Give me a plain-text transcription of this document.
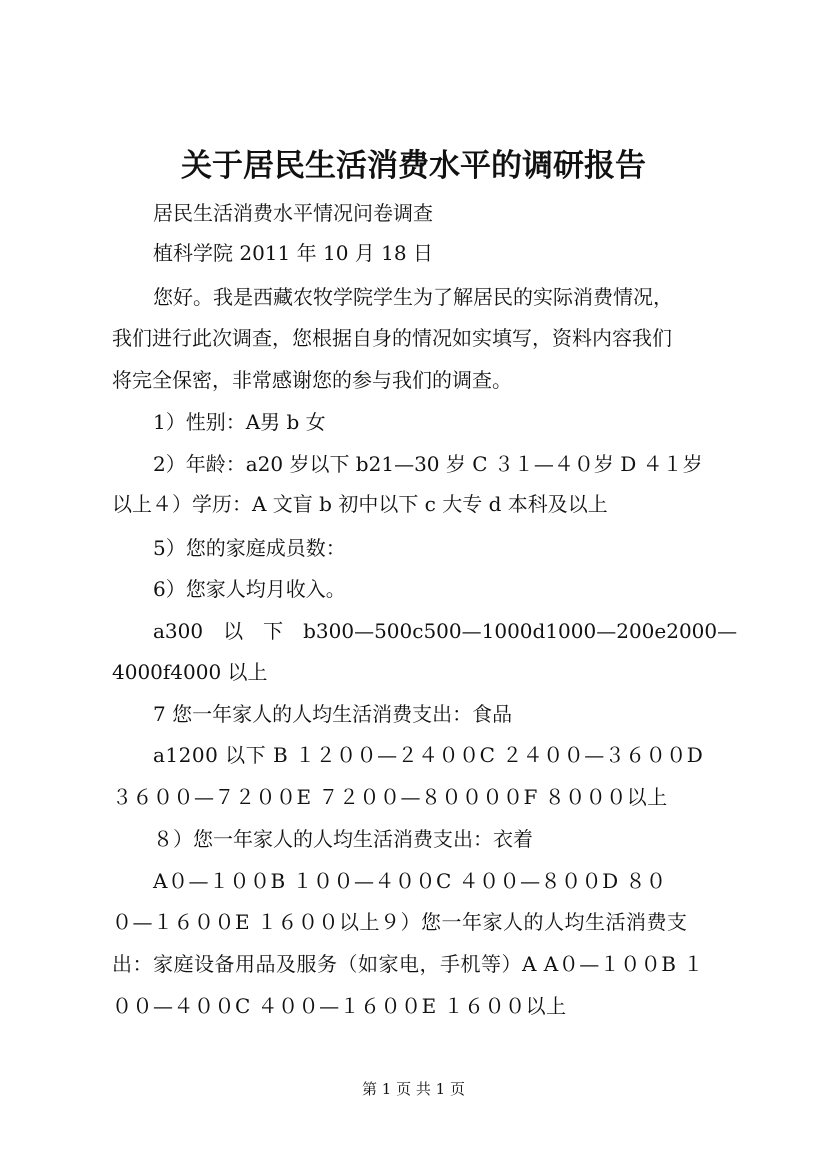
关于居民生活消费水平的调研报告
居民生活消费水平情况问卷调查
植科学院 2011 年 10 月 18 日
您好。我是西藏农牧学院学生为了解居民的实际消费情况，
我们进行此次调查，您根据自身的情况如实填写，资料内容我们
将完全保密，非常感谢您的参与我们的调查。
1）性别：A男 b 女
2）年龄：a20 岁以下 b21—30 岁 C ３１—４０岁 D ４１岁
以上４）学历：A 文盲 b 初中以下 c 大专 d 本科及以上
5）您的家庭成员数：
6）您家人均月收入。
a300　以　下　b300—500c500—1000d1000—200e2000—
4000f4000 以上
7 您一年家人的人均生活消费支出：食品
a1200 以下 B １２００—２４００C ２４００—３６００D
３６００—７２００E ７２００—８００００F ８０００以上
８）您一年家人的人均生活消费支出：衣着
A０—１００B １００—４００C ４００—８００D ８０
０—１６００E １６００以上９）您一年家人的人均生活消费支
出：家庭设备用品及服务（如家电，手机等）A A０—１００B １
００—４００C ４００—１６００E １６００以上
第 1 页 共 1 页
